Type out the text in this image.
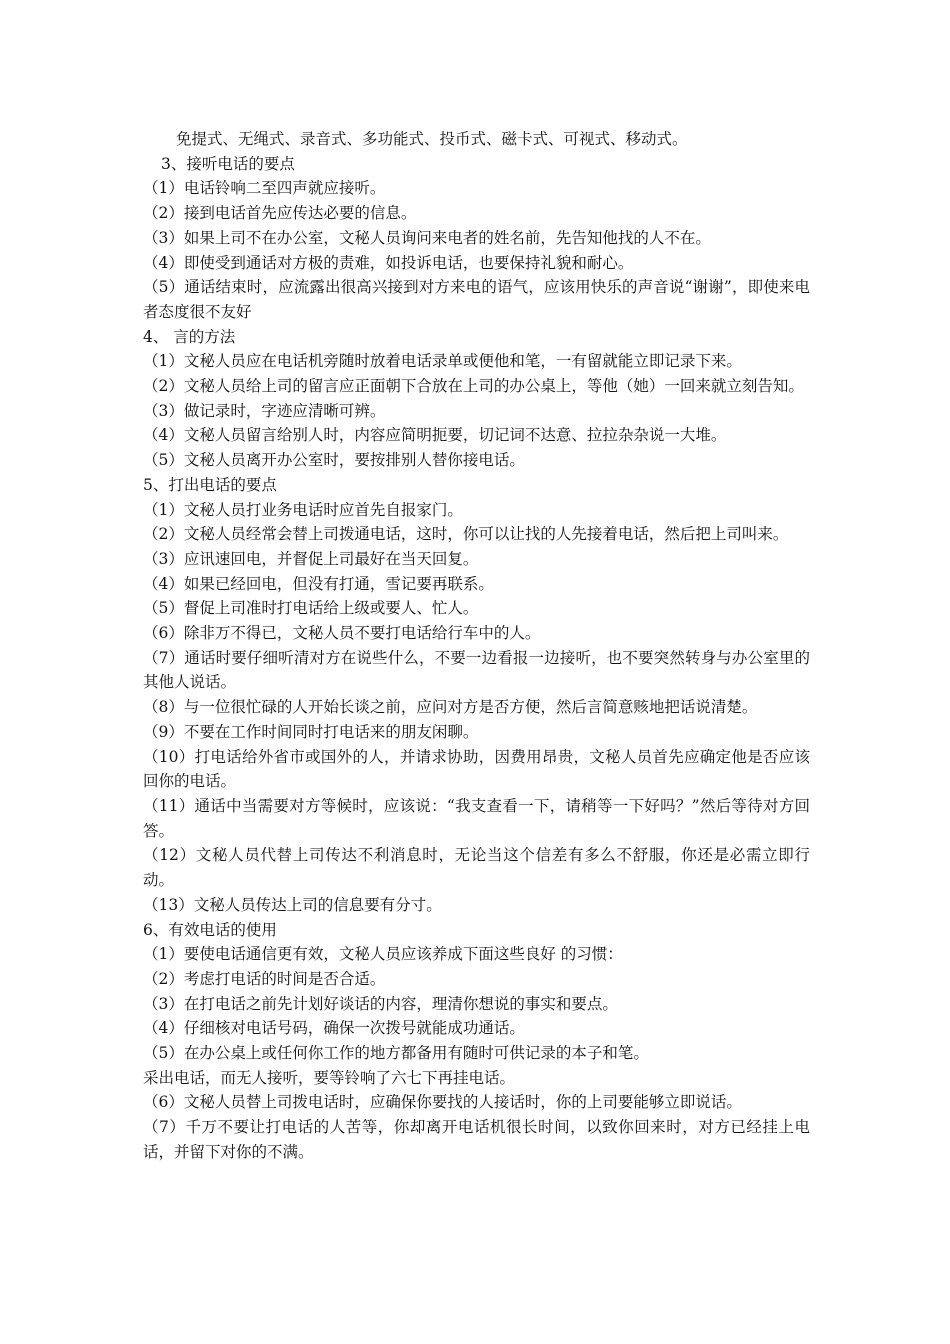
免提式、无绳式、录音式、多功能式、投币式、磁卡式、可视式、移动式。

3、接听电话的要点

（1）电话铃响二至四声就应接听。

（2）接到电话首先应传达必要的信息。

（3）如果上司不在办公室，文秘人员询问来电者的姓名前，先告知他找的人不在。

（4）即使受到通话对方极的责难，如投诉电话，也要保持礼貌和耐心。

（5）通话结束时，应流露出很高兴接到对方来电的语气，应该用快乐的声音说“谢谢”，即使来电者态度很不友好

4、 言的方法

（1）文秘人员应在电话机旁随时放着电话录单或便他和笔，一有留就能立即记录下来。

（2）文秘人员给上司的留言应正面朝下合放在上司的办公桌上，等他（她）一回来就立刻告知。

（3）做记录时，字迹应清晰可辨。

（4）文秘人员留言给别人时，内容应简明扼要，切记词不达意、拉拉杂杂说一大堆。

（5）文秘人员离开办公室时，要按排别人替你接电话。

5、打出电话的要点

（1）文秘人员打业务电话时应首先自报家门。

（2）文秘人员经常会替上司拨通电话，这时，你可以让找的人先接着电话，然后把上司叫来。

（3）应讯速回电，并督促上司最好在当天回复。

（4）如果已经回电，但没有打通，雪记要再联系。

（5）督促上司准时打电话给上级或要人、忙人。

（6）除非万不得已，文秘人员不要打电话给行车中的人。

（7）通话时要仔细听清对方在说些什么，不要一边看报一边接听，也不要突然转身与办公室里的其他人说话。

（8）与一位很忙碌的人开始长谈之前，应问对方是否方便，然后言简意赅地把话说清楚。

（9）不要在工作时间同时打电话来的朋友闲聊。

（10）打电话给外省市或国外的人，并请求协助，因费用昂贵，文秘人员首先应确定他是否应该回你的电话。

（11）通话中当需要对方等候时，应该说：“我支查看一下，请稍等一下好吗？”然后等待对方回答。

（12）文秘人员代替上司传达不利消息时，无论当这个信差有多么不舒服，你还是必需立即行动。

（13）文秘人员传达上司的信息要有分寸。

6、有效电话的使用

（1）要使电话通信更有效，文秘人员应该养成下面这些良好 的习惯：

（2）考虑打电话的时间是否合适。

（3）在打电话之前先计划好谈话的内容，理清你想说的事实和要点。

（4）仔细核对电话号码，确保一次拨号就能成功通话。

（5）在办公桌上或任何你工作的地方都备用有随时可供记录的本子和笔。

采出电话，而无人接听，要等铃响了六七下再挂电话。

（6）文秘人员替上司拨电话时，应确保你要找的人接话时，你的上司要能够立即说话。

（7）千万不要让打电话的人苦等，你却离开电话机很长时间，以致你回来时，对方已经挂上电话，并留下对你的不满。
